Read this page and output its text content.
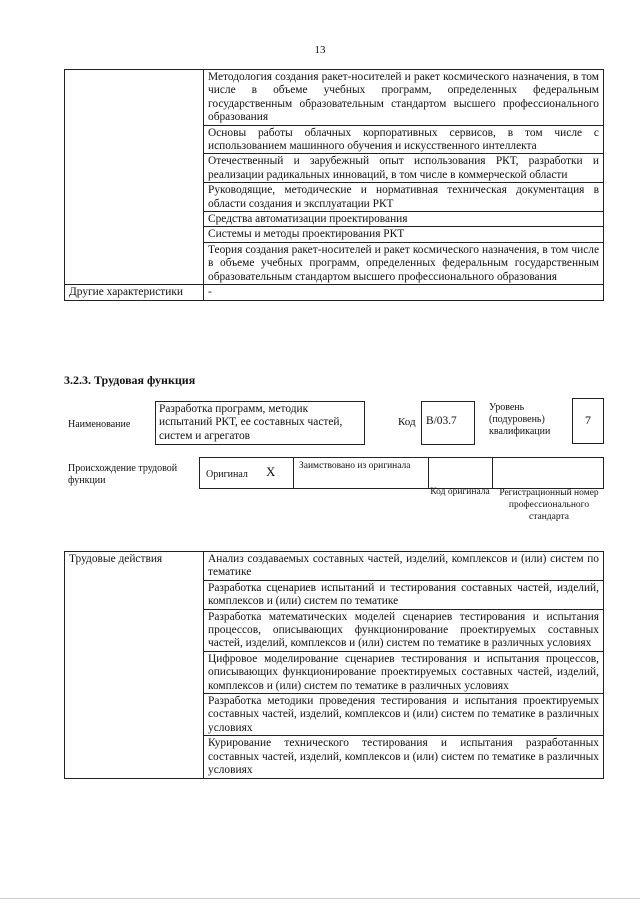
13
	Методология создания ракет-носителей и ракет космического назначения, в том числе в объеме учебных программ, определенных федеральным государственным образовательным стандартом высшего профессионального образования
	Основы работы облачных корпоративных сервисов, в том числе с использованием машинного обучения и искусственного интеллекта
	Отечественный и зарубежный опыт использования РКТ, разработки и реализации радикальных инноваций, в том числе в коммерческой области
	Руководящие, методические и нормативная техническая документация в области создания и эксплуатации РКТ
	Средства автоматизации проектирования
	Системы и методы проектирования РКТ
	Теория создания ракет-носителей и ракет космического назначения, в том числе в объеме учебных программ, определенных федеральным государственным образовательным стандартом высшего профессионального образования
Другие характеристики	-
3.2.3. Трудовая функция
Наименование
Разработка программ, методик испытаний РКТ, ее составных частей, систем и агрегатов
Код B/03.7
Уровень (подуровень) квалификации
7
Происхождение трудовой функции
Оригинал X Заимствовано из оригинала
Код оригинала	Регистрационный номер профессионального стандарта
Трудовые действия	Анализ создаваемых составных частей, изделий, комплексов и (или) систем по тематике
Разработка сценариев испытаний и тестирования составных частей, изделий, комплексов и (или) систем по тематике
Разработка математических моделей сценариев тестирования и испытания процессов, описывающих функционирование проектируемых составных частей, изделий, комплексов и (или) систем по тематике в различных условиях
Цифровое моделирование сценариев тестирования и испытания процессов, описывающих функционирование проектируемых составных частей, изделий, комплексов и (или) систем по тематике в различных условиях
Разработка методики проведения тестирования и испытания проектируемых составных частей, изделий, комплексов и (или) систем по тематике в различных условиях
Курирование технического тестирования и испытания разработанных составных частей, изделий, комплексов и (или) систем по тематике в различных условиях
